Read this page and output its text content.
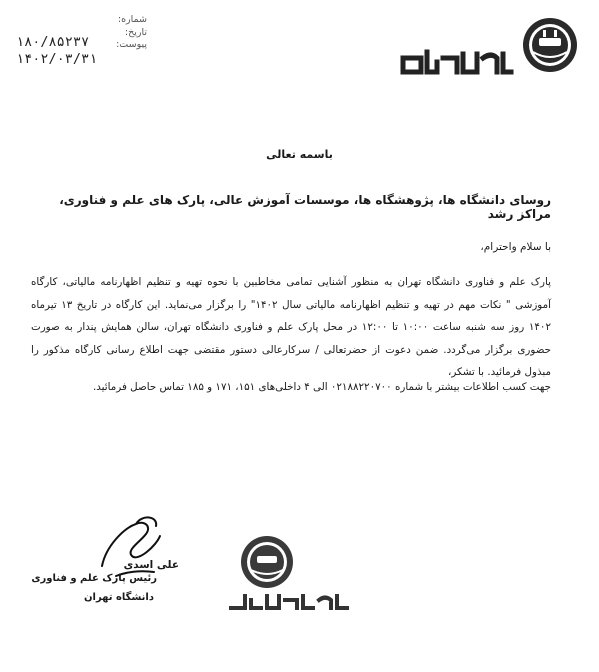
شماره:
تاریخ:
پیوست:
۱۸۰/۸۵۲۳۷
۱۴۰۲/۰۳/۳۱
باسمه تعالی
روسای دانشگاه ها، پژوهشگاه ها، موسسات آموزش عالی، پارک های علم و فناوری، مراکز رشد
با سلام واحترام،
پارک علم و فناوری دانشگاه تهران به منظور آشنایی تمامی مخاطبین با نحوه تهیه و تنظیم اظهارنامه مالیاتی، کارگاه آموزشی " نکات مهم در تهیه و تنظیم اظهارنامه مالیاتی سال ۱۴۰۲" را برگزار می‌نماید. این کارگاه در تاریخ ۱۳ تیرماه ۱۴۰۲ روز سه شنبه ساعت ۱۰:۰۰ تا ۱۲:۰۰ در محل پارک علم و فناوری دانشگاه تهران، سالن همایش پندار به صورت حضوری برگزار می‌گردد. ضمن دعوت از حضرتعالی / سرکارعالی دستور مقتضی جهت اطلاع رسانی کارگاه مذکور را مبذول فرمائید. با تشکر،
جهت کسب اطلاعات بیشتر با شماره ۰۲۱۸۸۲۲۰۷۰۰ الی ۴ داخلی‌های ۱۵۱، ۱۷۱ و ۱۸۵ تماس حاصل فرمائید.
علی اسدی
رئیس پارک علم و فناوری
دانشگاه تهران
